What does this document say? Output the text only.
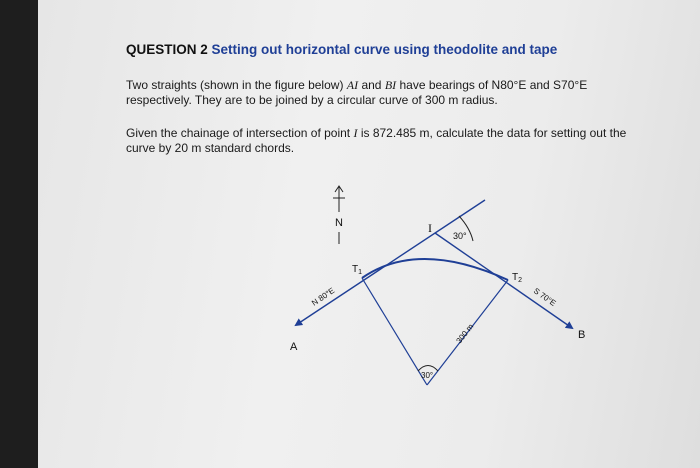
QUESTION 2 Setting out horizontal curve using theodolite and tape
Two straights (shown in the figure below) AI and BI have bearings of N80°E and S70°E respectively. They are to be joined by a circular curve of 300 m radius.
Given the chainage of intersection of point I is 872.485 m, calculate the data for setting out the curve by 20 m standard chords.
N	I
30°
$T_1$	$T_2$
A
B
N 80°E	S 70°E
300 m
30°
